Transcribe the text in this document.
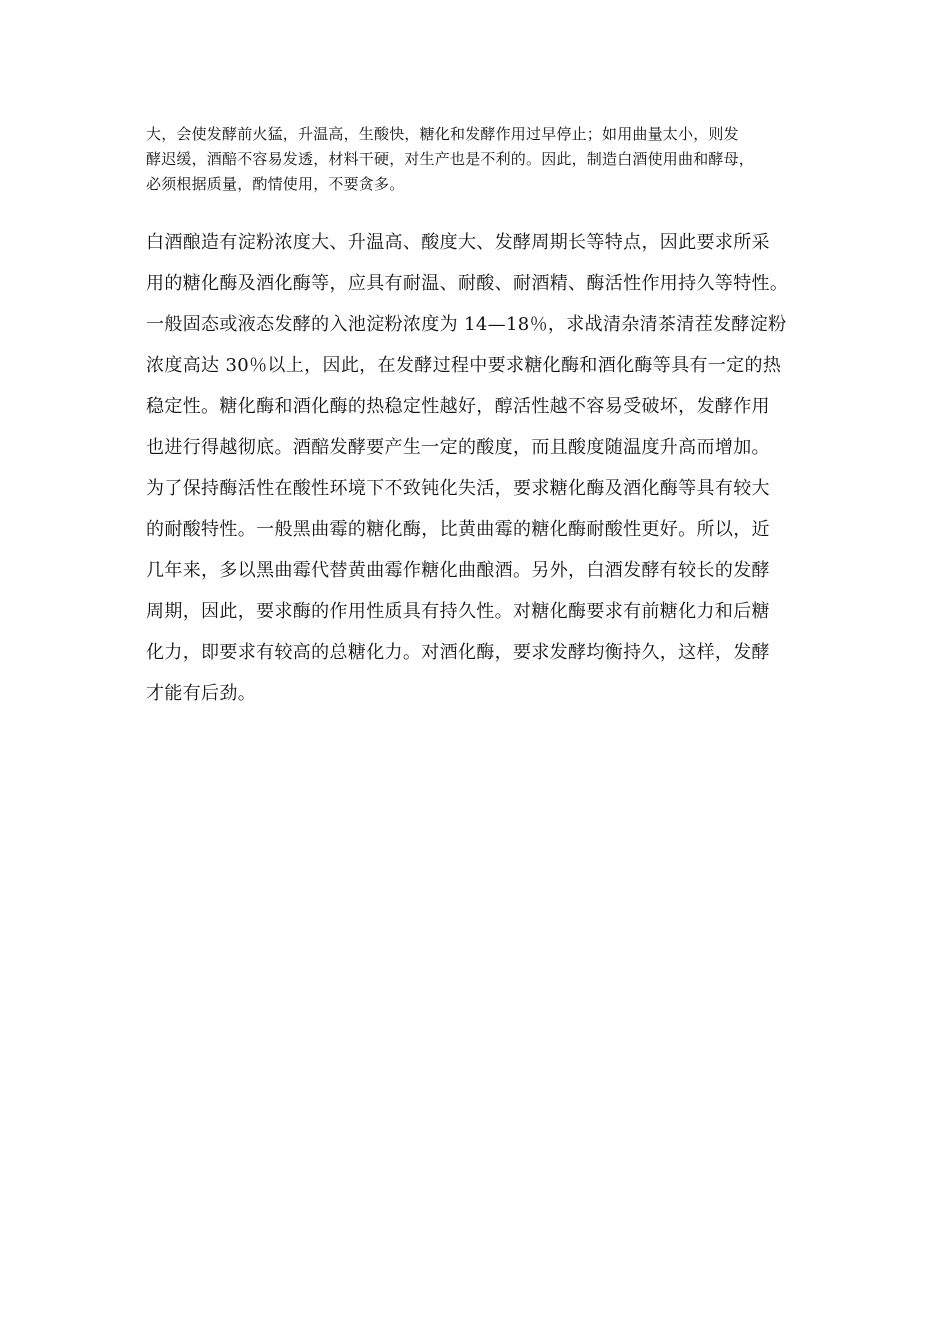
大，会使发酵前火猛，升温高，生酸快，糖化和发酵作用过早停止；如用曲量太小，则发
酵迟缓，酒醅不容易发透，材料干硬，对生产也是不利的。因此，制造白酒使用曲和酵母，
必须根据质量，酌情使用，不要贪多。
白酒酿造有淀粉浓度大、升温高、酸度大、发酵周期长等特点，因此要求所采
用的糖化酶及酒化酶等，应具有耐温、耐酸、耐酒精、酶活性作用持久等特性。
一般固态或液态发酵的入池淀粉浓度为 14—18％，求战清杂清茶清茬发酵淀粉
浓度高达 30％以上，因此，在发酵过程中要求糖化酶和酒化酶等具有一定的热
稳定性。糖化酶和酒化酶的热稳定性越好，醇活性越不容易受破坏，发酵作用
也进行得越彻底。酒醅发酵要产生一定的酸度，而且酸度随温度升高而增加。
为了保持酶活性在酸性环境下不致钝化失活，要求糖化酶及酒化酶等具有较大
的耐酸特性。一般黑曲霉的糖化酶，比黄曲霉的糖化酶耐酸性更好。所以，近
几年来，多以黑曲霉代替黄曲霉作糖化曲酿酒。另外，白酒发酵有较长的发酵
周期，因此，要求酶的作用性质具有持久性。对糖化酶要求有前糖化力和后糖
化力，即要求有较高的总糖化力。对酒化酶，要求发酵均衡持久，这样，发酵
才能有后劲。
